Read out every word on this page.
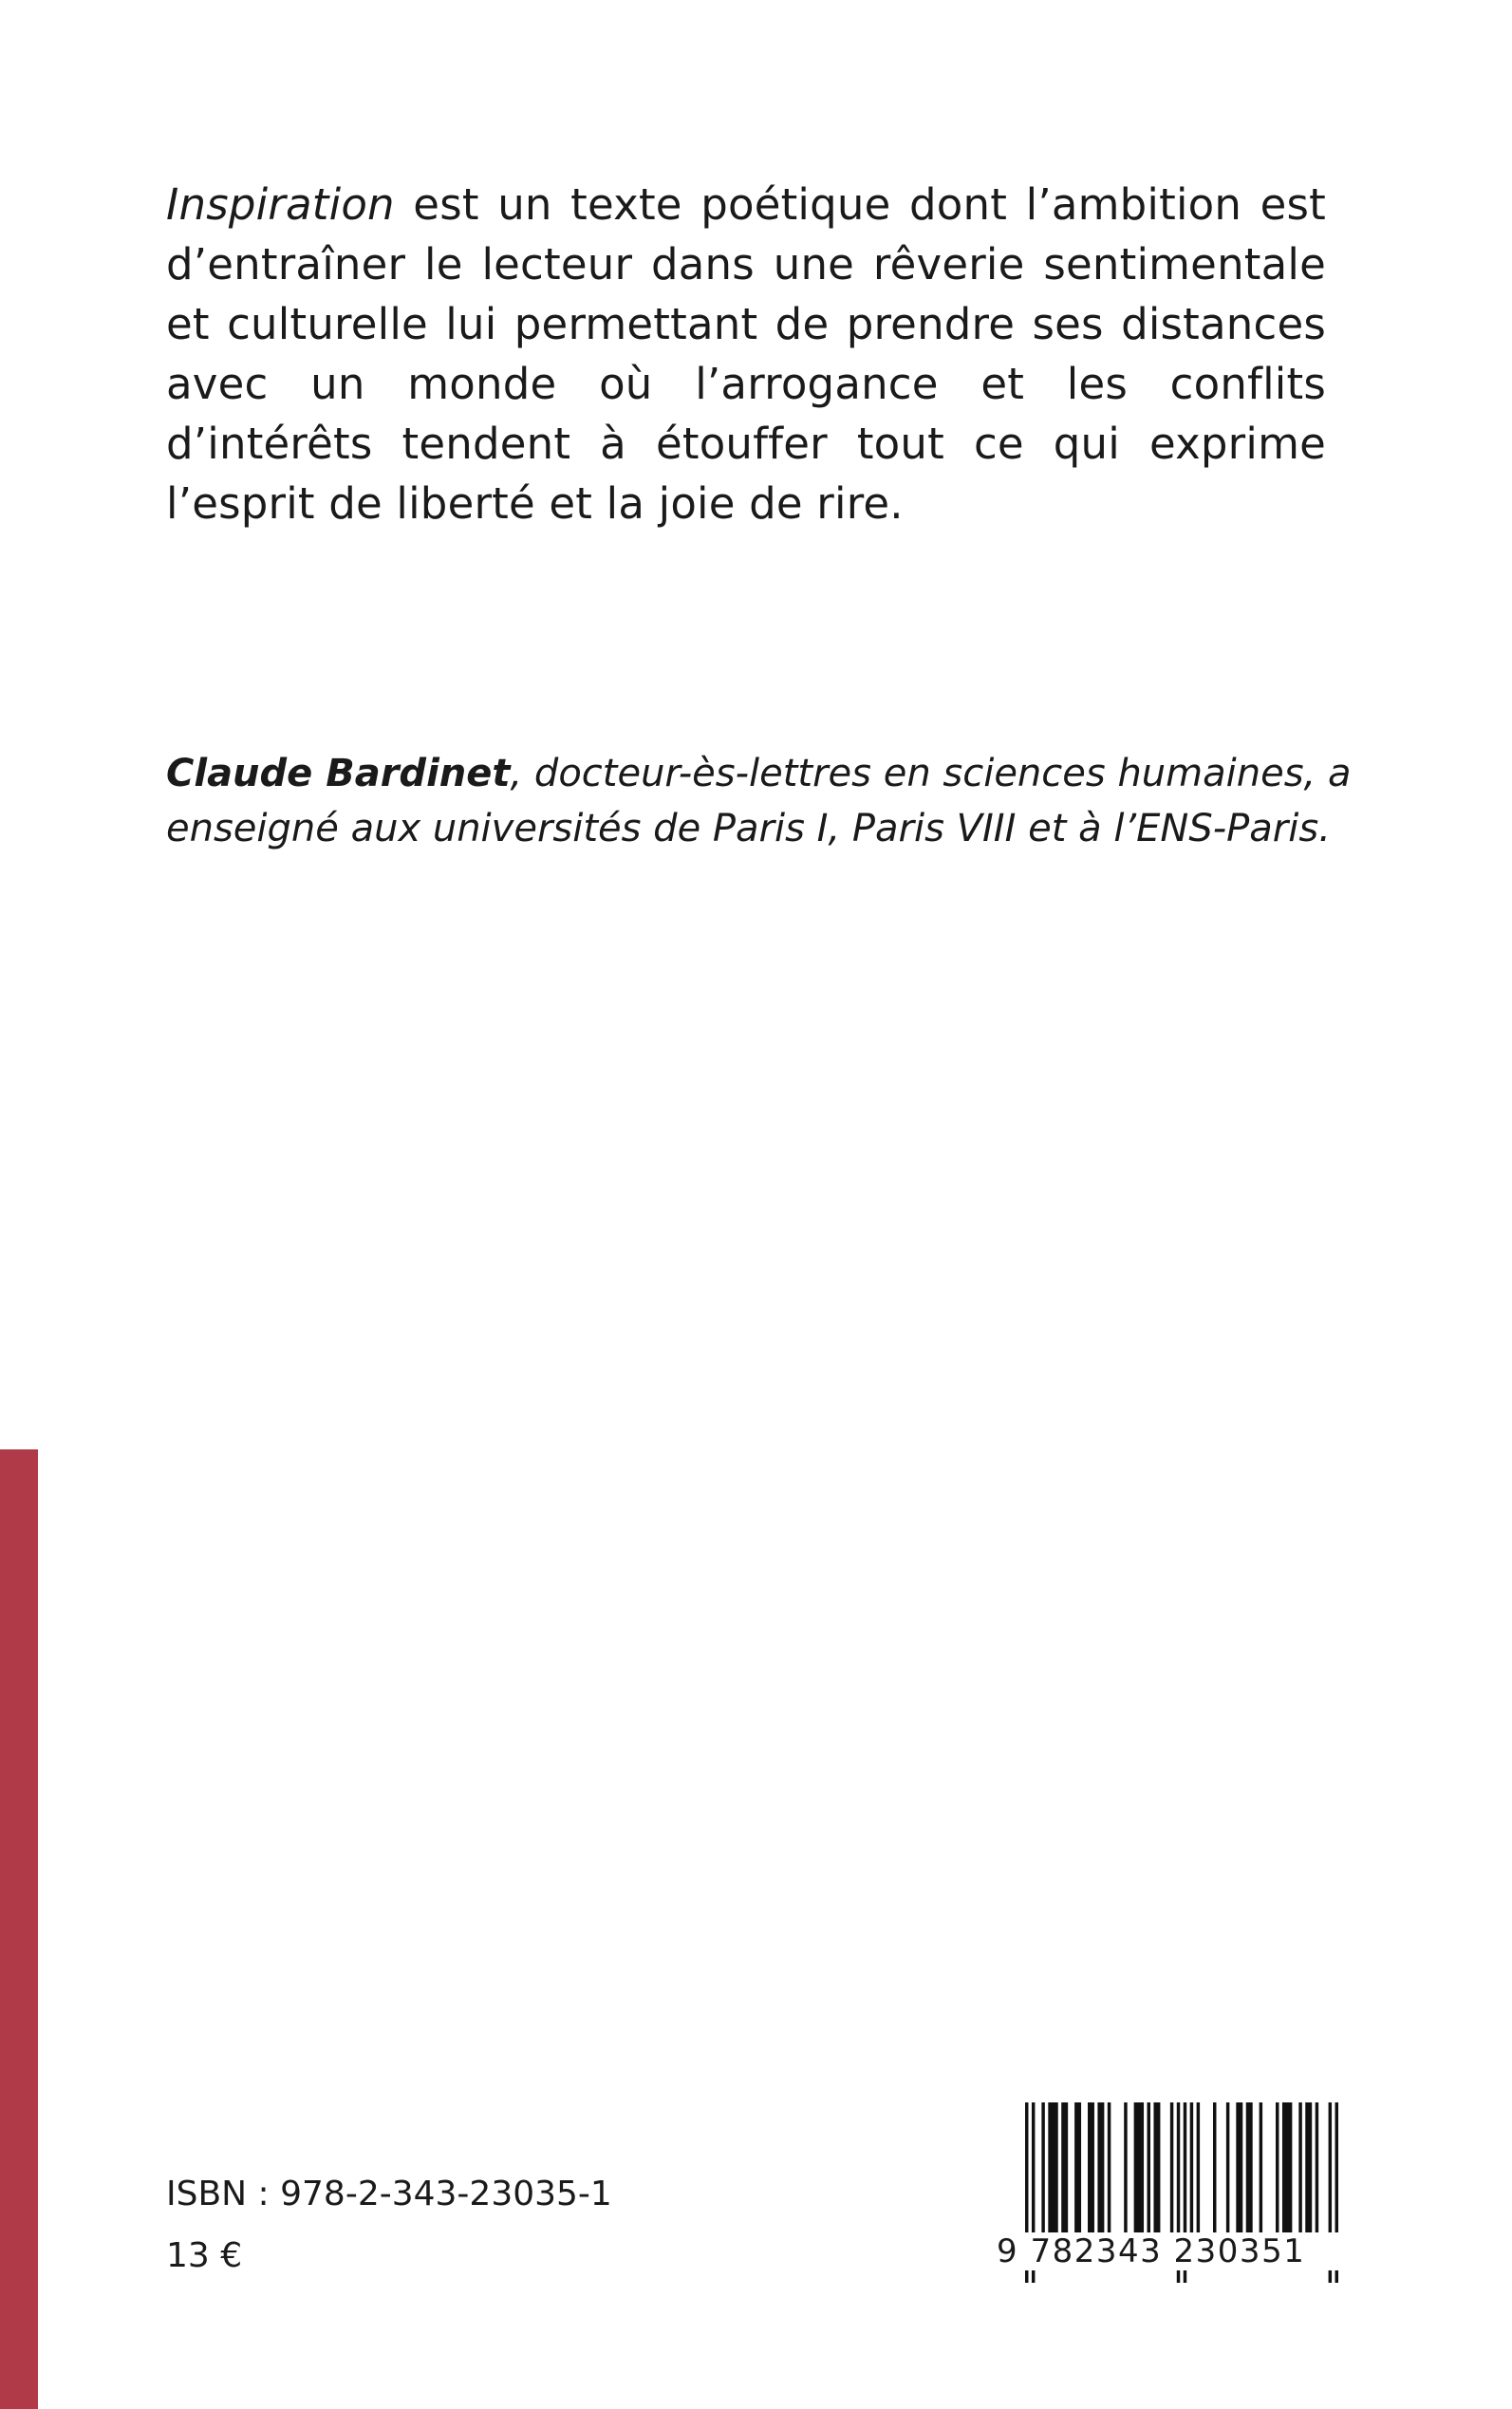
Inspiration est un texte poétique dont l’ambition est d’entraîner le lecteur dans une rêverie sentimentale et culturelle lui permettant de prendre ses distances avec un monde où l’arrogance et les conflits d’intérêts tendent à étouffer tout ce qui exprime l’esprit de liberté et la joie de rire.

Claude Bardinet, docteur-ès-lettres en sciences humaines, a enseigné aux universités de Paris I, Paris VIII et à l’ENS-Paris.

ISBN : 978-2-343-23035-1

13 €	9 782343 230351
